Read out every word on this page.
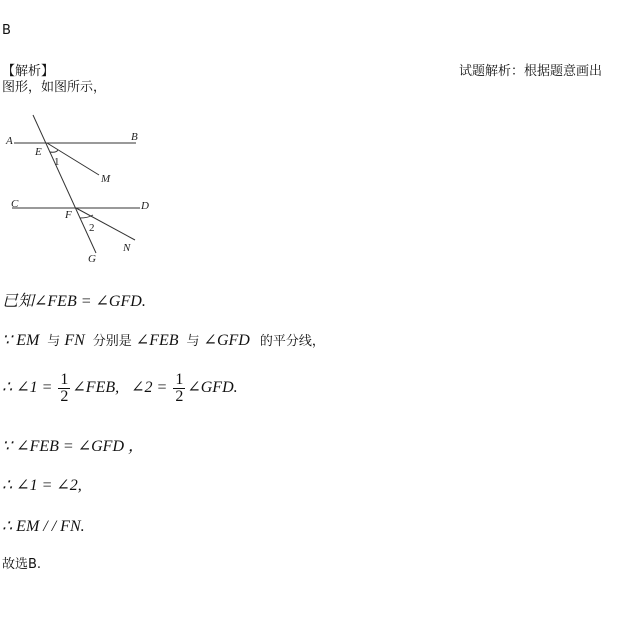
B
【解析】	试题解析：根据题意画出
图形，如图所示，
A	B
E
1
M
C	D
F
2
N
G
已知∠FEB = ∠GFD.
∵ EM 与 FN 分别是 ∠FEB 与 ∠GFD 的平分线，
∴ ∠1 = $\frac{1}{2}$ ∠FEB, ∠2 = $\frac{1}{2}$ ∠GFD.
∵ ∠FEB = ∠GFD ，
∴ ∠1 = ∠2,
∴ EM / / FN.
故选B.
